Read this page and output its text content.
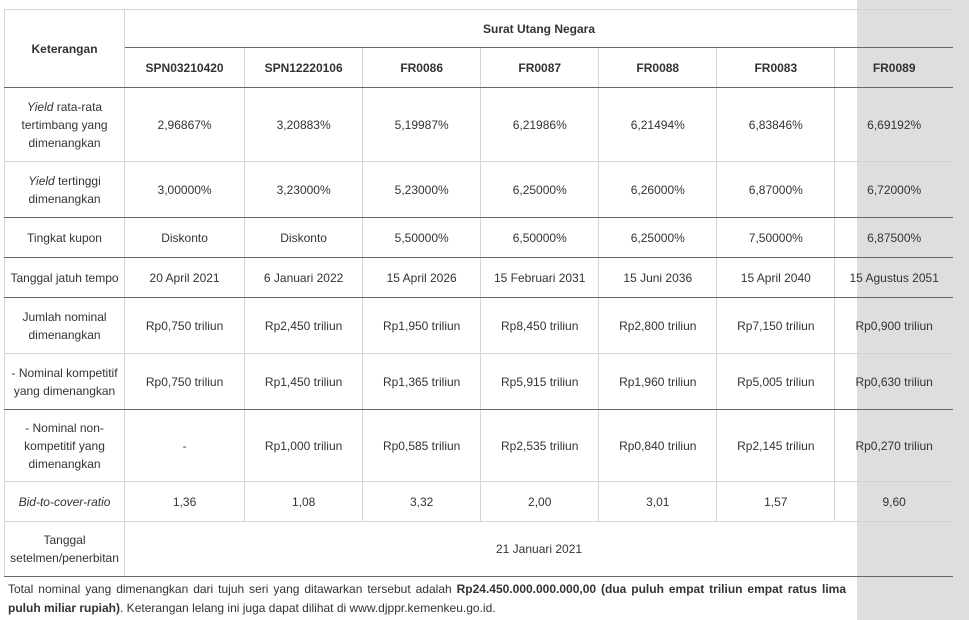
Keterangan	Surat Utang Negara						
	SPN03210420	SPN12220106	FR0086	FR0087	FR0088	FR0083	FR0089
Yield rata-rata tertimbang yang dimenangkan	2,96867%	3,20883%	5,19987%	6,21986%	6,21494%	6,83846%	6,69192%
Yield tertinggi dimenangkan	3,00000%	3,23000%	5,23000%	6,25000%	6,26000%	6,87000%	6,72000%
Tingkat kupon	Diskonto	Diskonto	5,50000%	6,50000%	6,25000%	7,50000%	6,87500%
Tanggal jatuh tempo	20 April 2021	6 Januari 2022	15 April 2026	15 Februari 2031	15 Juni 2036	15 April 2040	15 Agustus 2051
Jumlah nominal dimenangkan	Rp0,750 triliun	Rp2,450 triliun	Rp1,950 triliun	Rp8,450 triliun	Rp2,800 triliun	Rp7,150 triliun	Rp0,900 triliun
- Nominal kompetitif yang dimenangkan	Rp0,750 triliun	Rp1,450 triliun	Rp1,365 triliun	Rp5,915 triliun	Rp1,960 triliun	Rp5,005 triliun	Rp0,630 triliun
- Nominal non-kompetitif yang dimenangkan	-	Rp1,000 triliun	Rp0,585 triliun	Rp2,535 triliun	Rp0,840 triliun	Rp2,145 triliun	Rp0,270 triliun
Bid-to-cover-ratio	1,36	1,08	3,32	2,00	3,01	1,57	9,60
Tanggal setelmen/penerbitan	21 Januari 2021						

Total nominal yang dimenangkan dari tujuh seri yang ditawarkan tersebut adalah Rp24.450.000.000.000,00 (dua puluh empat triliun empat ratus lima puluh miliar rupiah). Keterangan lelang ini juga dapat dilihat di www.djppr.kemenkeu.go.id.
